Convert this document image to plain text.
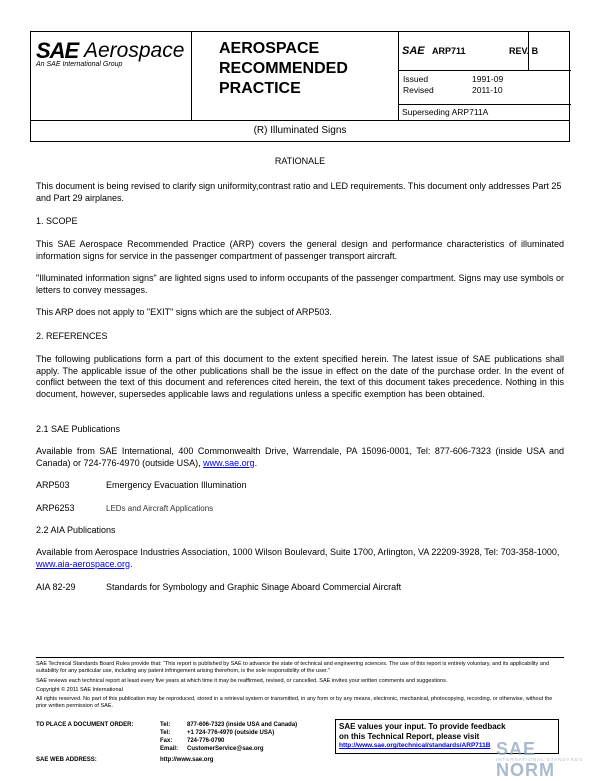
SAE Aerospace
An SAE International Group
AEROSPACE
RECOMMENDED
PRACTICE
SAE ARP711	REV. B
Issued	1991-09
Revised	2011-10
Superseding ARP711A
(R) Illuminated Signs
RATIONALE
This document is being revised to clarify sign uniformity,contrast ratio and LED requirements. This document only addresses Part 25 and Part 29 airplanes.
1. SCOPE
This SAE Aerospace Recommended Practice (ARP) covers the general design and performance characteristics of illuminated information signs for service in the passenger compartment of passenger transport aircraft.
"Illuminated information signs" are lighted signs used to inform occupants of the passenger compartment. Signs may use symbols or letters to convey messages.
This ARP does not apply to "EXIT" signs which are the subject of ARP503.
2. REFERENCES
The following publications form a part of this document to the extent specified herein. The latest issue of SAE publications shall apply. The applicable issue of the other publications shall be the issue in effect on the date of the purchase order. In the event of conflict between the text of this document and references cited herein, the text of this document takes precedence. Nothing in this document, however, supersedes applicable laws and regulations unless a specific exemption has been obtained.
2.1 SAE Publications
Available from SAE International, 400 Commonwealth Drive, Warrendale, PA 15096-0001, Tel: 877-606-7323 (inside USA and Canada) or 724-776-4970 (outside USA), www.sae.org.
ARP503	Emergency Evacuation Illumination
ARP6253	LEDs and Aircraft Applications
2.2 AIA Publications
Available from Aerospace Industries Association, 1000 Wilson Boulevard, Suite 1700, Arlington, VA 22209-3928, Tel: 703-358-1000, www.aia-aerospace.org.
AIA 82-29	Standards for Symbology and Graphic Sinage Aboard Commercial Aircraft
SAE Technical Standards Board Rules provide that: “This report is published by SAE to advance the state of technical and engineering sciences. The use of this report is entirely voluntary, and its applicability and suitability for any particular use, including any patent infringement arising therefrom, is the sole responsibility of the user.”
SAE reviews each technical report at least every five years at which time it may be reaffirmed, revised, or cancelled. SAE invites your written comments and suggestions.
Copyright © 2011 SAE International
All rights reserved. No part of this publication may be reproduced, stored in a retrieval system or transmitted, in any form or by any means, electronic, mechanical, photocopying, recording, or otherwise, without the prior written permission of SAE.
TO PLACE A DOCUMENT ORDER:	Tel:	877-606-7323 (inside USA and Canada)
Tel:	+1 724-776-4970 (outside USA)
Fax: 724-776-0790
Email: CustomerService@sae.org
SAE WEB ADDRESS:	http://www.sae.org
SAE values your input. To provide feedback
on this Technical Report, please visit
http://www.sae.org/technical/standards/ARP711B SAE NORM
INTERNATIONAL STANDARDS
